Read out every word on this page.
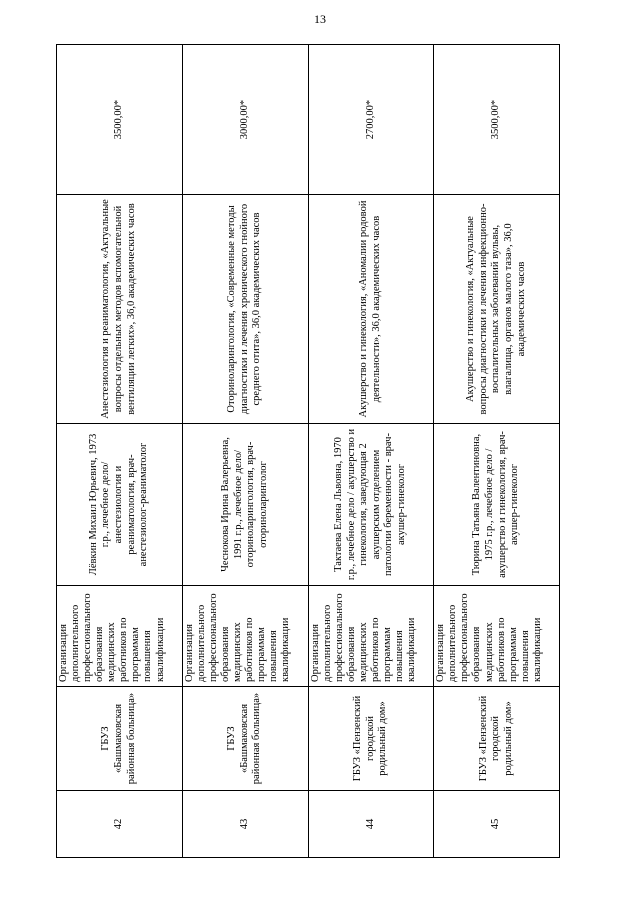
13
42	ГБУЗ «Башмаковская районная больница»	Организация дополнительного профессионального образования медицинских работников по программам повышения квалификации	Лёвкин Михаил Юрьевич, 1973 г.р., лечебное дело/анестезиология и реаниматология, врач-анестезиолог-реаниматолог	Анестезиология и реаниматология, «Актуальные вопросы отдельных методов вспомогательной вентиляции легких», 36,0 академических часов	3500,00*
43	ГБУЗ «Башмаковская районная больница»	Организация дополнительного профессионального образования медицинских работников по программам повышения квалификации	Чеснокова Ирина Валерьевна, 1991 г.р., лечебное дело/оториноларингология, врач-оториноларинголог	Оториноларингология, «Современные методы диагностики и лечения хронического гнойного среднего отита», 36,0 академических часов	3000,00*
44	ГБУЗ «Пензенский городской родильный дом»	Организация дополнительного профессионального образования медицинских работников по программам повышения квалификации	Тактаева Елена Львовна, 1970 г.р., лечебное дело / акушерство и гинекология, заведующая 2 акушерским отделением патологии беременности - врач-акушер-гинеколог	Акушерство и гинекология, «Аномалии родовой деятельности», 36,0 академических часов	2700,00*
45	ГБУЗ «Пензенский городской родильный дом»	Организация дополнительного профессионального образования медицинских работников по программам повышения квалификации	Тюрина Татьяна Валентиновна, 1975 г.р., лечебное дело / акушерство и гинекология, врач-акушер-гинеколог	Акушерство и гинекология, «Актуальные вопросы диагностики и лечения инфекционно-воспалительных заболеваний вульвы, влагалища, органов малого таза», 36,0 академических часов	3500,00*
